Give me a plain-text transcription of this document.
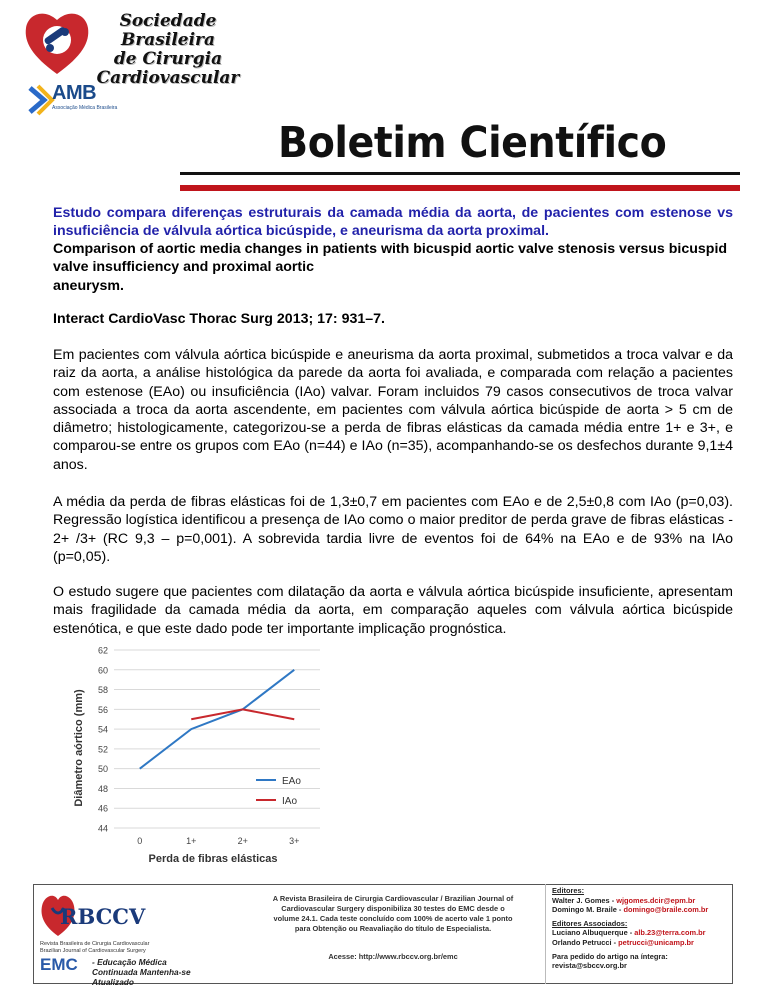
Sociedade Brasileira
de Cirurgia
Cardiovascular
AMB
Associação Médica Brasileira
Boletim Científico
Estudo compara diferenças estruturais da camada média da aorta, de pacientes com estenose vs insuficiência de válvula aórtica bicúspide, e aneurisma da aorta proximal.
Comparison of aortic media changes in patients with bicuspid aortic valve stenosis versus bicuspid valve insufficiency and proximal aortic
aneurysm.
Interact CardioVasc Thorac Surg 2013; 17: 931–7.
Em pacientes com válvula aórtica bicúspide e aneurisma da aorta proximal, submetidos a troca valvar e da raiz da aorta, a análise histológica da parede da aorta foi avaliada, e comparada com relação a pacientes com estenose (EAo) ou insuficiência (IAo) valvar. Foram incluidos 79 casos consecutivos de troca valvar associada a troca da aorta ascendente, em pacientes com válvula aórtica bicúspide de aorta > 5 cm de diâmetro; histologicamente, categorizou-se a perda de fibras elásticas da camada média entre 1+ e 3+, e comparou-se entre os grupos com EAo (n=44) e IAo (n=35), acompanhando-se os desfechos durante 9,1±4 anos.
A média da perda de fibras elásticas foi de 1,3±0,7 em pacientes com EAo e de 2,5±0,8 com IAo (p=0,03). Regressão logística identificou a presença de IAo como o maior preditor de perda grave de fibras elásticas - 2+ /3+ (RC 9,3 – p=0,001). A sobrevida tardia livre de eventos foi de 64% na EAo e de 93% na IAo (p=0,05).
O estudo sugere que pacientes com dilatação da aorta e válvula aórtica bicúspide insuficiente, apresentam mais fragilidade da camada média da aorta, em comparação aqueles com válvula aórtica bicúspide estenótica, e que este dado pode ter importante implicação prognóstica.
44
46
48
50
52
54
56
58
60
62
0	1+	2+	3+
EAo
IAo
Diâmetro aórtico (mm)
Perda de fibras elásticas
RBCCV
Revista Brasileira de Cirurgia Cardiovascular Brazilian Journal of Cardiovascular Surgery
EMC - Educação Médica Continuada Mantenha-se Atualizado
A Revista Brasileira de Cirurgia Cardiovascular / Brazilian Journal of Cardiovascular Surgery disponibiliza 30 testes do EMC desde o volume 24.1. Cada teste concluído com 100% de acerto vale 1 ponto para Obtenção ou Reavaliação do título de Especialista.
Acesse: http://www.rbccv.org.br/emc
Editores:
Walter J. Gomes - wjgomes.dcir@epm.br
Domingo M. Braile - domingo@braile.com.br
Editores Associados:
Luciano Albuquerque - alb.23@terra.com.br
Orlando Petrucci - petrucci@unicamp.br
Para pedido do artigo na íntegra:
revista@sbccv.org.br
